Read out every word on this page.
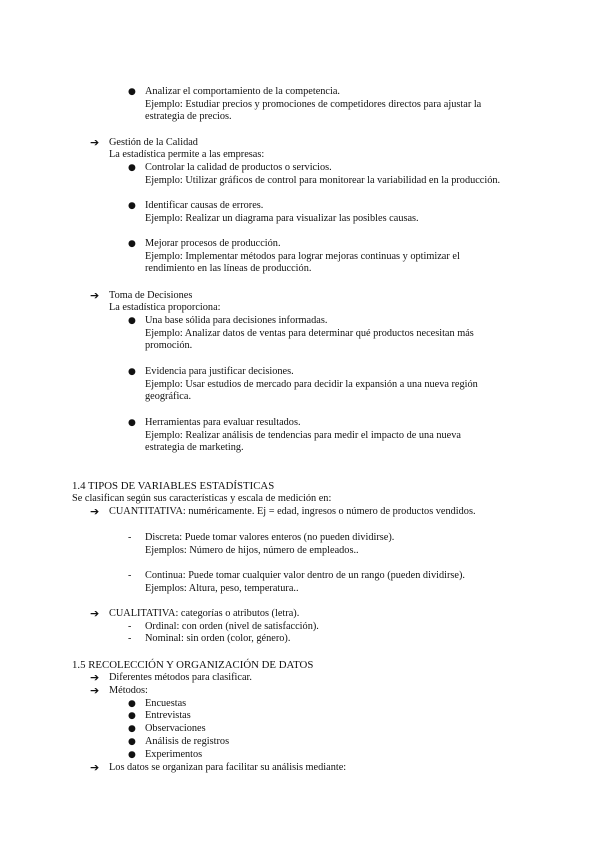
● Analizar el comportamiento de la competencia.
Ejemplo: Estudiar precios y promociones de competidores directos para ajustar la
estrategia de precios.
➔ Gestión de la Calidad
La estadística permite a las empresas:
● Controlar la calidad de productos o servicios.
Ejemplo: Utilizar gráficos de control para monitorear la variabilidad en la producción.
● Identificar causas de errores.
Ejemplo: Realizar un diagrama para visualizar las posibles causas.
● Mejorar procesos de producción.
Ejemplo: Implementar métodos para lograr mejoras continuas y optimizar el
rendimiento en las líneas de producción.
➔ Toma de Decisiones
La estadística proporciona:
● Una base sólida para decisiones informadas.
Ejemplo: Analizar datos de ventas para determinar qué productos necesitan más
promoción.
● Evidencia para justificar decisiones.
Ejemplo: Usar estudios de mercado para decidir la expansión a una nueva región
geográfica.
● Herramientas para evaluar resultados.
Ejemplo: Realizar análisis de tendencias para medir el impacto de una nueva
estrategia de marketing.
1.4 TIPOS DE VARIABLES ESTADÍSTICAS
Se clasifican según sus características y escala de medición en:
➔ CUANTITATIVA: numéricamente. Ej = edad, ingresos o número de productos vendidos.
- Discreta: Puede tomar valores enteros (no pueden dividirse).
Ejemplos: Número de hijos, número de empleados..
- Continua: Puede tomar cualquier valor dentro de un rango (pueden dividirse).
Ejemplos: Altura, peso, temperatura..
➔ CUALITATIVA: categorías o atributos (letra).
- Ordinal: con orden (nivel de satisfacción).
- Nominal: sin orden (color, género).
1.5 RECOLECCIÓN Y ORGANIZACIÓN DE DATOS
➔ Diferentes métodos para clasificar.
➔ Métodos:
● Encuestas
● Entrevistas
● Observaciones
● Análisis de registros
● Experimentos
➔ Los datos se organizan para facilitar su análisis mediante:
